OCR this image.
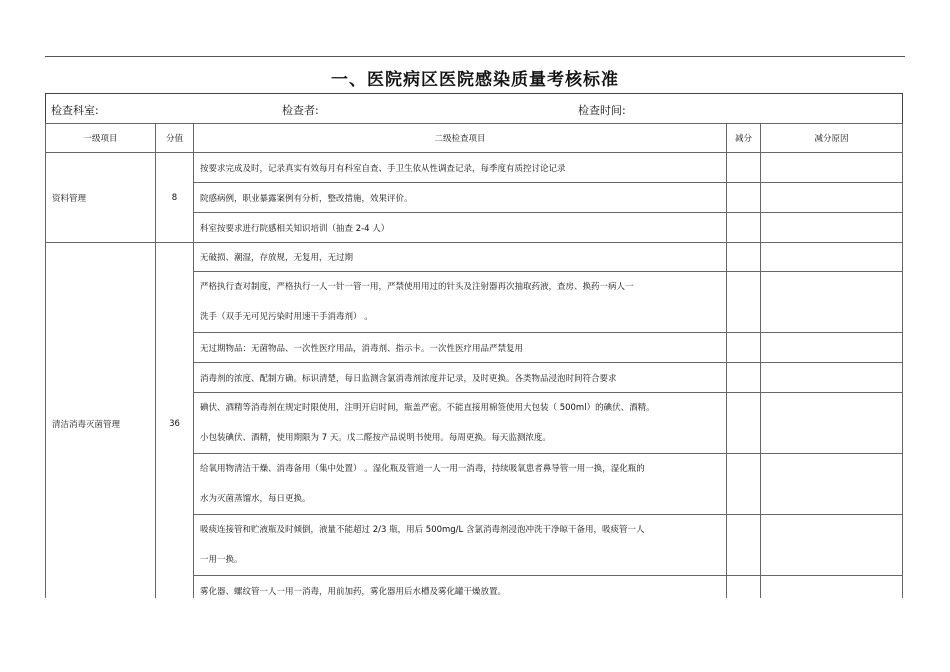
一、医院病区医院感染质量考核标准
检查科室:	检查者:	检查时间:
一级项目	分值	二级检查项目	减分	减分原因
资料管理	8	按要求完成及时，记录真实有效每月有科室自查、手卫生依从性调查记录，每季度有质控讨论记录		
		院感病例，职业暴露案例有分析，整改措施，效果评价。		
		科室按要求进行院感相关知识培训（抽查 2-4 人）		
清洁消毒灭菌管理	36	无破损、潮湿，存放规，无复用，无过期		

		严格执行查对制度，严格执行一人一针一管一用，严禁使用用过的针头及注射器再次抽取药液，查房、换药一病人一
洗手（双手无可见污染时用速干手消毒剂） 。		

		无过期物品：无菌物品、一次性医疗用品，消毒剂、指示卡。一次性医疗用品严禁复用		
		消毒剂的浓度、配制方确。标识清楚，每日监测含氯消毒剂浓度并记录，及时更换。各类物品浸泡时间符合要求		

		碘伏、酒精等消毒剂在规定时限使用，注明开启时间，瓶盖严密。不能直接用棉签使用大包装（ 500ml）的碘伏、酒精。
小包装碘伏、酒精，使用期限为 7 天。戊二醛按产品说明书使用。每周更换。每天监测浓度。		

		给氧用物清洁干燥、消毒备用（集中处置） 。湿化瓶及管道一人一用一消毒，持续吸氧患者鼻导管一用一换，湿化瓶的
水为灭菌蒸馏水，每日更换。		

		吸痰连接管和贮液瓶及时倾倒，液量不能超过 2/3 瓶，用后 500mg/L 含氯消毒剂浸泡冲洗干净晾干备用，吸痰管一人
一用一换。		

		雾化器、螺纹管一人一用一消毒，用前加药，雾化器用后水槽及雾化罐干燥放置。		
